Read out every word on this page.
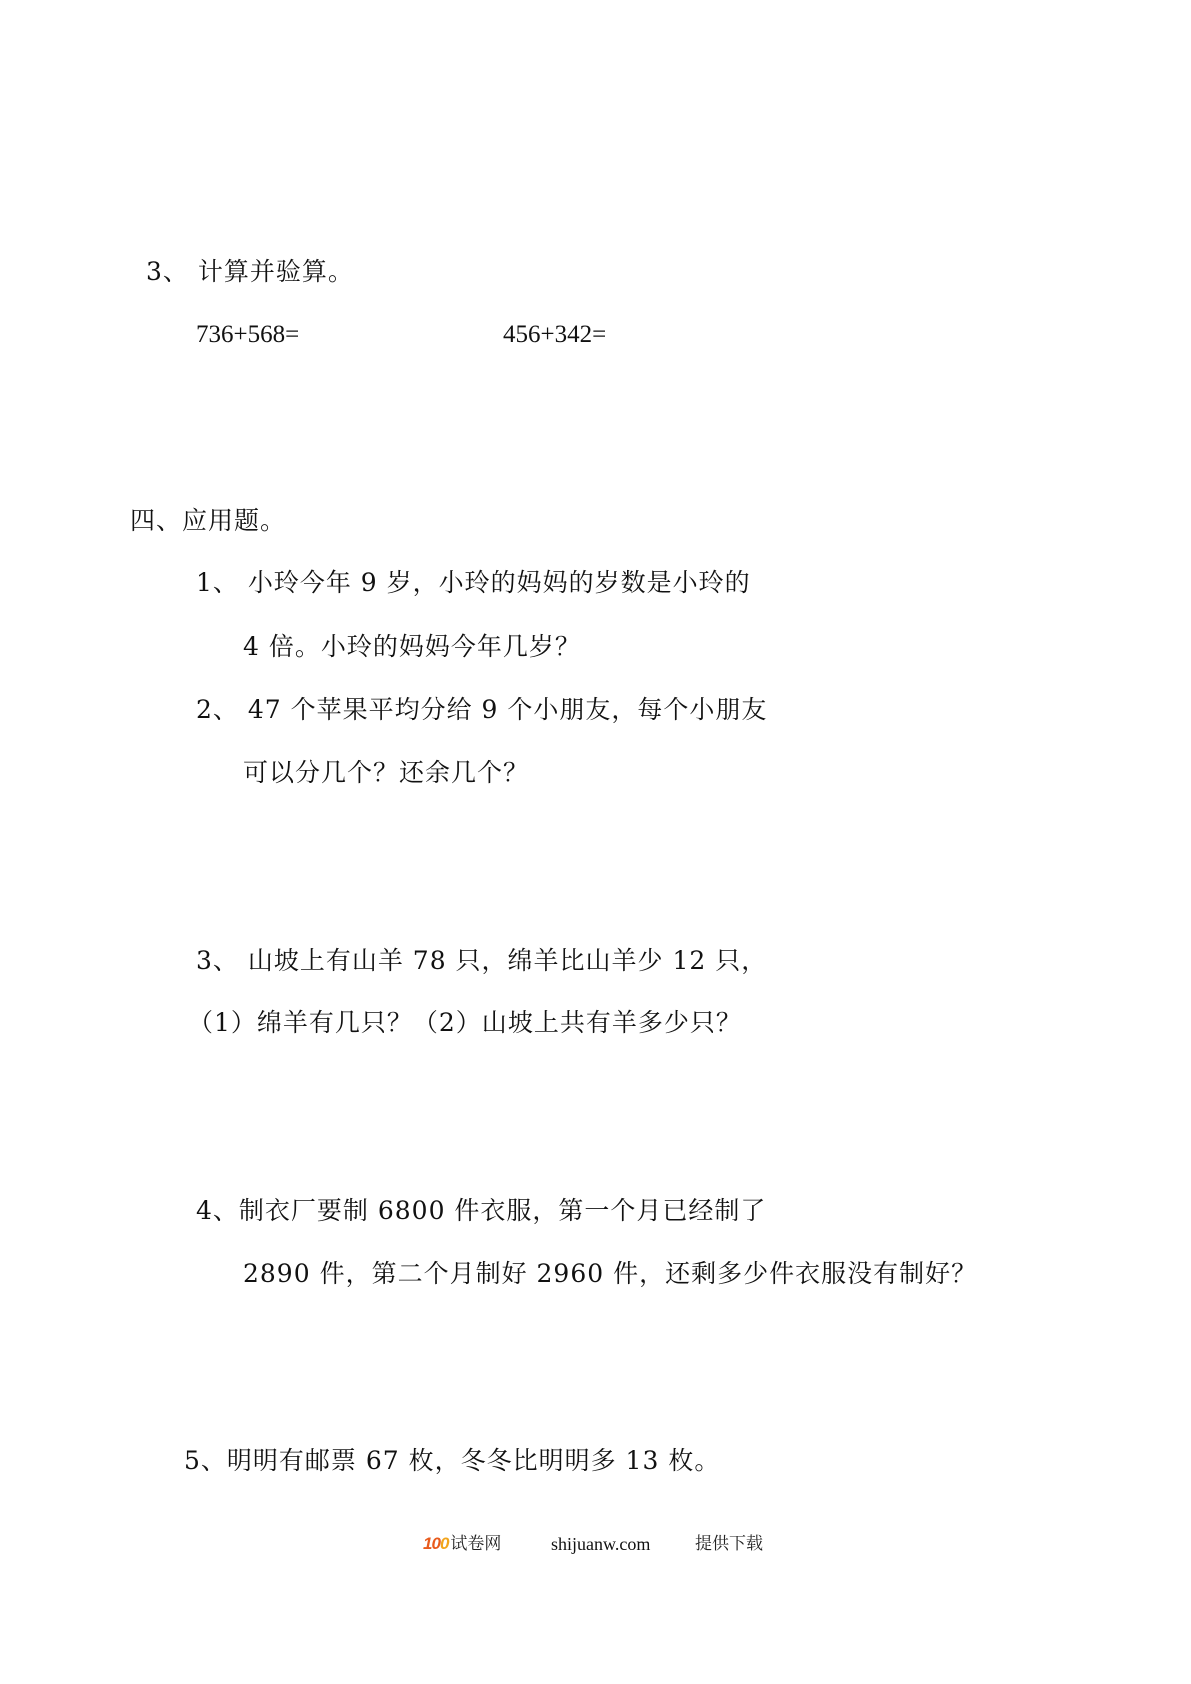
3、 计算并验算。
736+568=	456+342=
四、应用题。
1、 小玲今年 9 岁，小玲的妈妈的岁数是小玲的
4 倍。小玲的妈妈今年几岁？
2、 47 个苹果平均分给 9 个小朋友，每个小朋友
可以分几个？还余几个？
3、 山坡上有山羊 78 只，绵羊比山羊少 12 只，
（1）绵羊有几只？（2）山坡上共有羊多少只？
4、制衣厂要制 6800 件衣服，第一个月已经制了
2890 件，第二个月制好 2960 件，还剩多少件衣服没有制好？
5、明明有邮票 67 枚，冬冬比明明多 13 枚。
100 试卷网	shijuanw.com	提供下载
